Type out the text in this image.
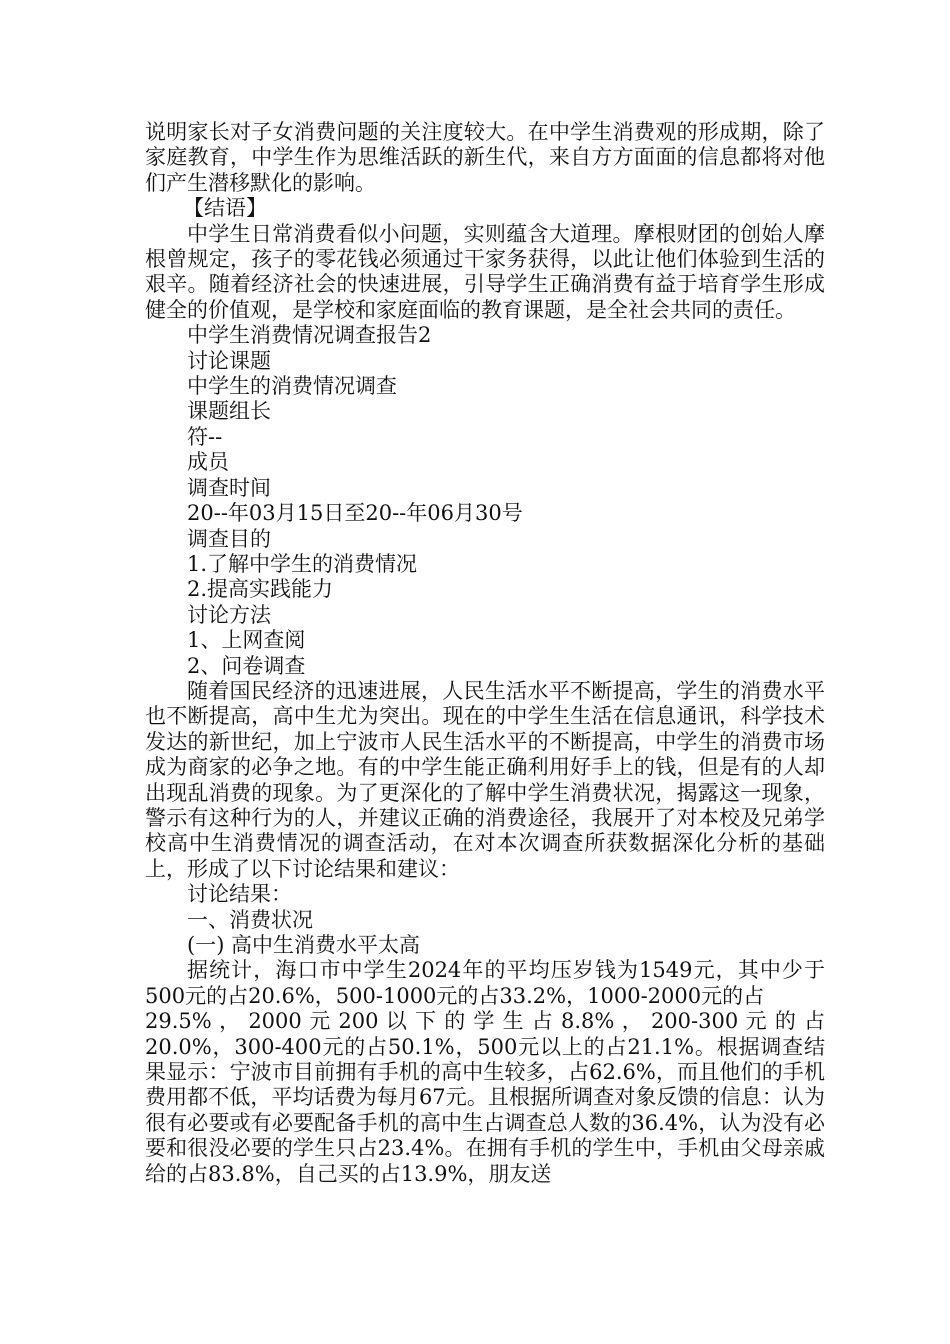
说明家长对子女消费问题的关注度较大。在中学生消费观的形成期，除了家庭教育，中学生作为思维活跃的新生代，来自方方面面的信息都将对他们产生潜移默化的影响。

【结语】

中学生日常消费看似小问题，实则蕴含大道理。摩根财团的创始人摩根曾规定，孩子的零花钱必须通过干家务获得，以此让他们体验到生活的艰辛。随着经济社会的快速进展，引导学生正确消费有益于培育学生形成健全的价值观，是学校和家庭面临的教育课题，是全社会共同的责任。

中学生消费情况调查报告2

讨论课题

中学生的消费情况调查

课题组长

符--

成员

调查时间

20--年03月15日至20--年06月30号

调查目的

1.了解中学生的消费情况

2.提高实践能力

讨论方法

1、上网查阅

2、问卷调查

随着国民经济的迅速进展，人民生活水平不断提高，学生的消费水平也不断提高，高中生尤为突出。现在的中学生生活在信息通讯，科学技术发达的新世纪，加上宁波市人民生活水平的不断提高，中学生的消费市场成为商家的必争之地。有的中学生能正确利用好手上的钱，但是有的人却出现乱消费的现象。为了更深化的了解中学生消费状况，揭露这一现象，警示有这种行为的人，并建议正确的消费途径，我展开了对本校及兄弟学校高中生消费情况的调查活动，在对本次调查所获数据深化分析的基础上，形成了以下讨论结果和建议：

讨论结果：

一、消费状况

(一) 高中生消费水平太高

据统计，海口市中学生2024年的平均压岁钱为1549元，其中少于500元的占20.6%，500-1000元的占33.2%，1000-2000元的占

29.5% ， 2000 元 200 以 下 的 学 生 占 8.8% ， 200-300 元 的 占

20.0%，300-400元的占50.1%，500元以上的占21.1%。根据调查结果显示：宁波市目前拥有手机的高中生较多，占62.6%，而且他们的手机费用都不低，平均话费为每月67元。且根据所调查对象反馈的信息：认为很有必要或有必要配备手机的高中生占调查总人数的36.4%，认为没有必要和很没必要的学生只占23.4%。在拥有手机的学生中，手机由父母亲戚给的占83.8%，自己买的占13.9%，朋友送
